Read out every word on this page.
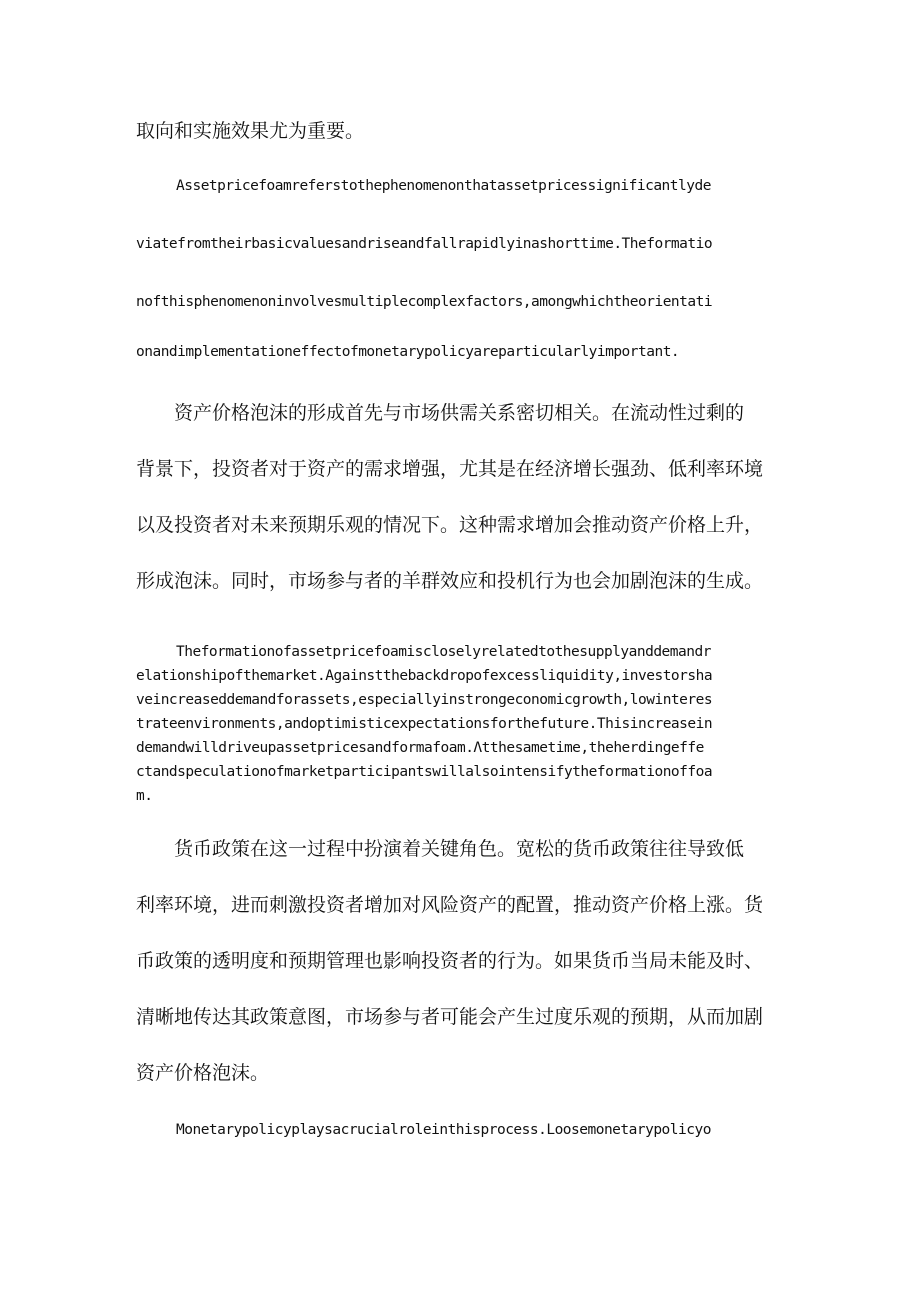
取向和实施效果尤为重要。
Assetpricefoamreferstothephenomenonthatassetpricessignificantlyde
viatefromtheirbasicvaluesandriseandfallrapidlyinashorttime.Theformatio
nofthisphenomenoninvolvesmultiplecomplexfactors,amongwhichtheorientati
onandimplementationeffectofmonetarypolicyareparticularlyimportant.
资产价格泡沫的形成首先与市场供需关系密切相关。在流动性过剩的
背景下，投资者对于资产的需求增强，尤其是在经济增长强劲、低利率环境
以及投资者对未来预期乐观的情况下。这种需求增加会推动资产价格上升，
形成泡沫。同时，市场参与者的羊群效应和投机行为也会加剧泡沫的生成。
Theformationofassetpricefoamiscloselyrelatedtothesupplyanddemandr
elationshipofthemarket.Againstthebackdropofexcessliquidity,investorsha
veincreaseddemandforassets,especiallyinstrongeconomicgrowth,lowinteres
trateenvironments,andoptimisticexpectationsforthefuture.Thisincreasein
demandwilldriveupassetpricesandformafoam.Λtthesametime,theherdingeffe
ctandspeculationofmarketparticipantswillalsointensifytheformationoffoa
m.
货币政策在这一过程中扮演着关键角色。宽松的货币政策往往导致低
利率环境，进而刺激投资者增加对风险资产的配置，推动资产价格上涨。货
币政策的透明度和预期管理也影响投资者的行为。如果货币当局未能及时、
清晰地传达其政策意图，市场参与者可能会产生过度乐观的预期，从而加剧
资产价格泡沫。
Monetarypolicyplaysacrucialroleinthisprocess.Loosemonetarypolicyo
